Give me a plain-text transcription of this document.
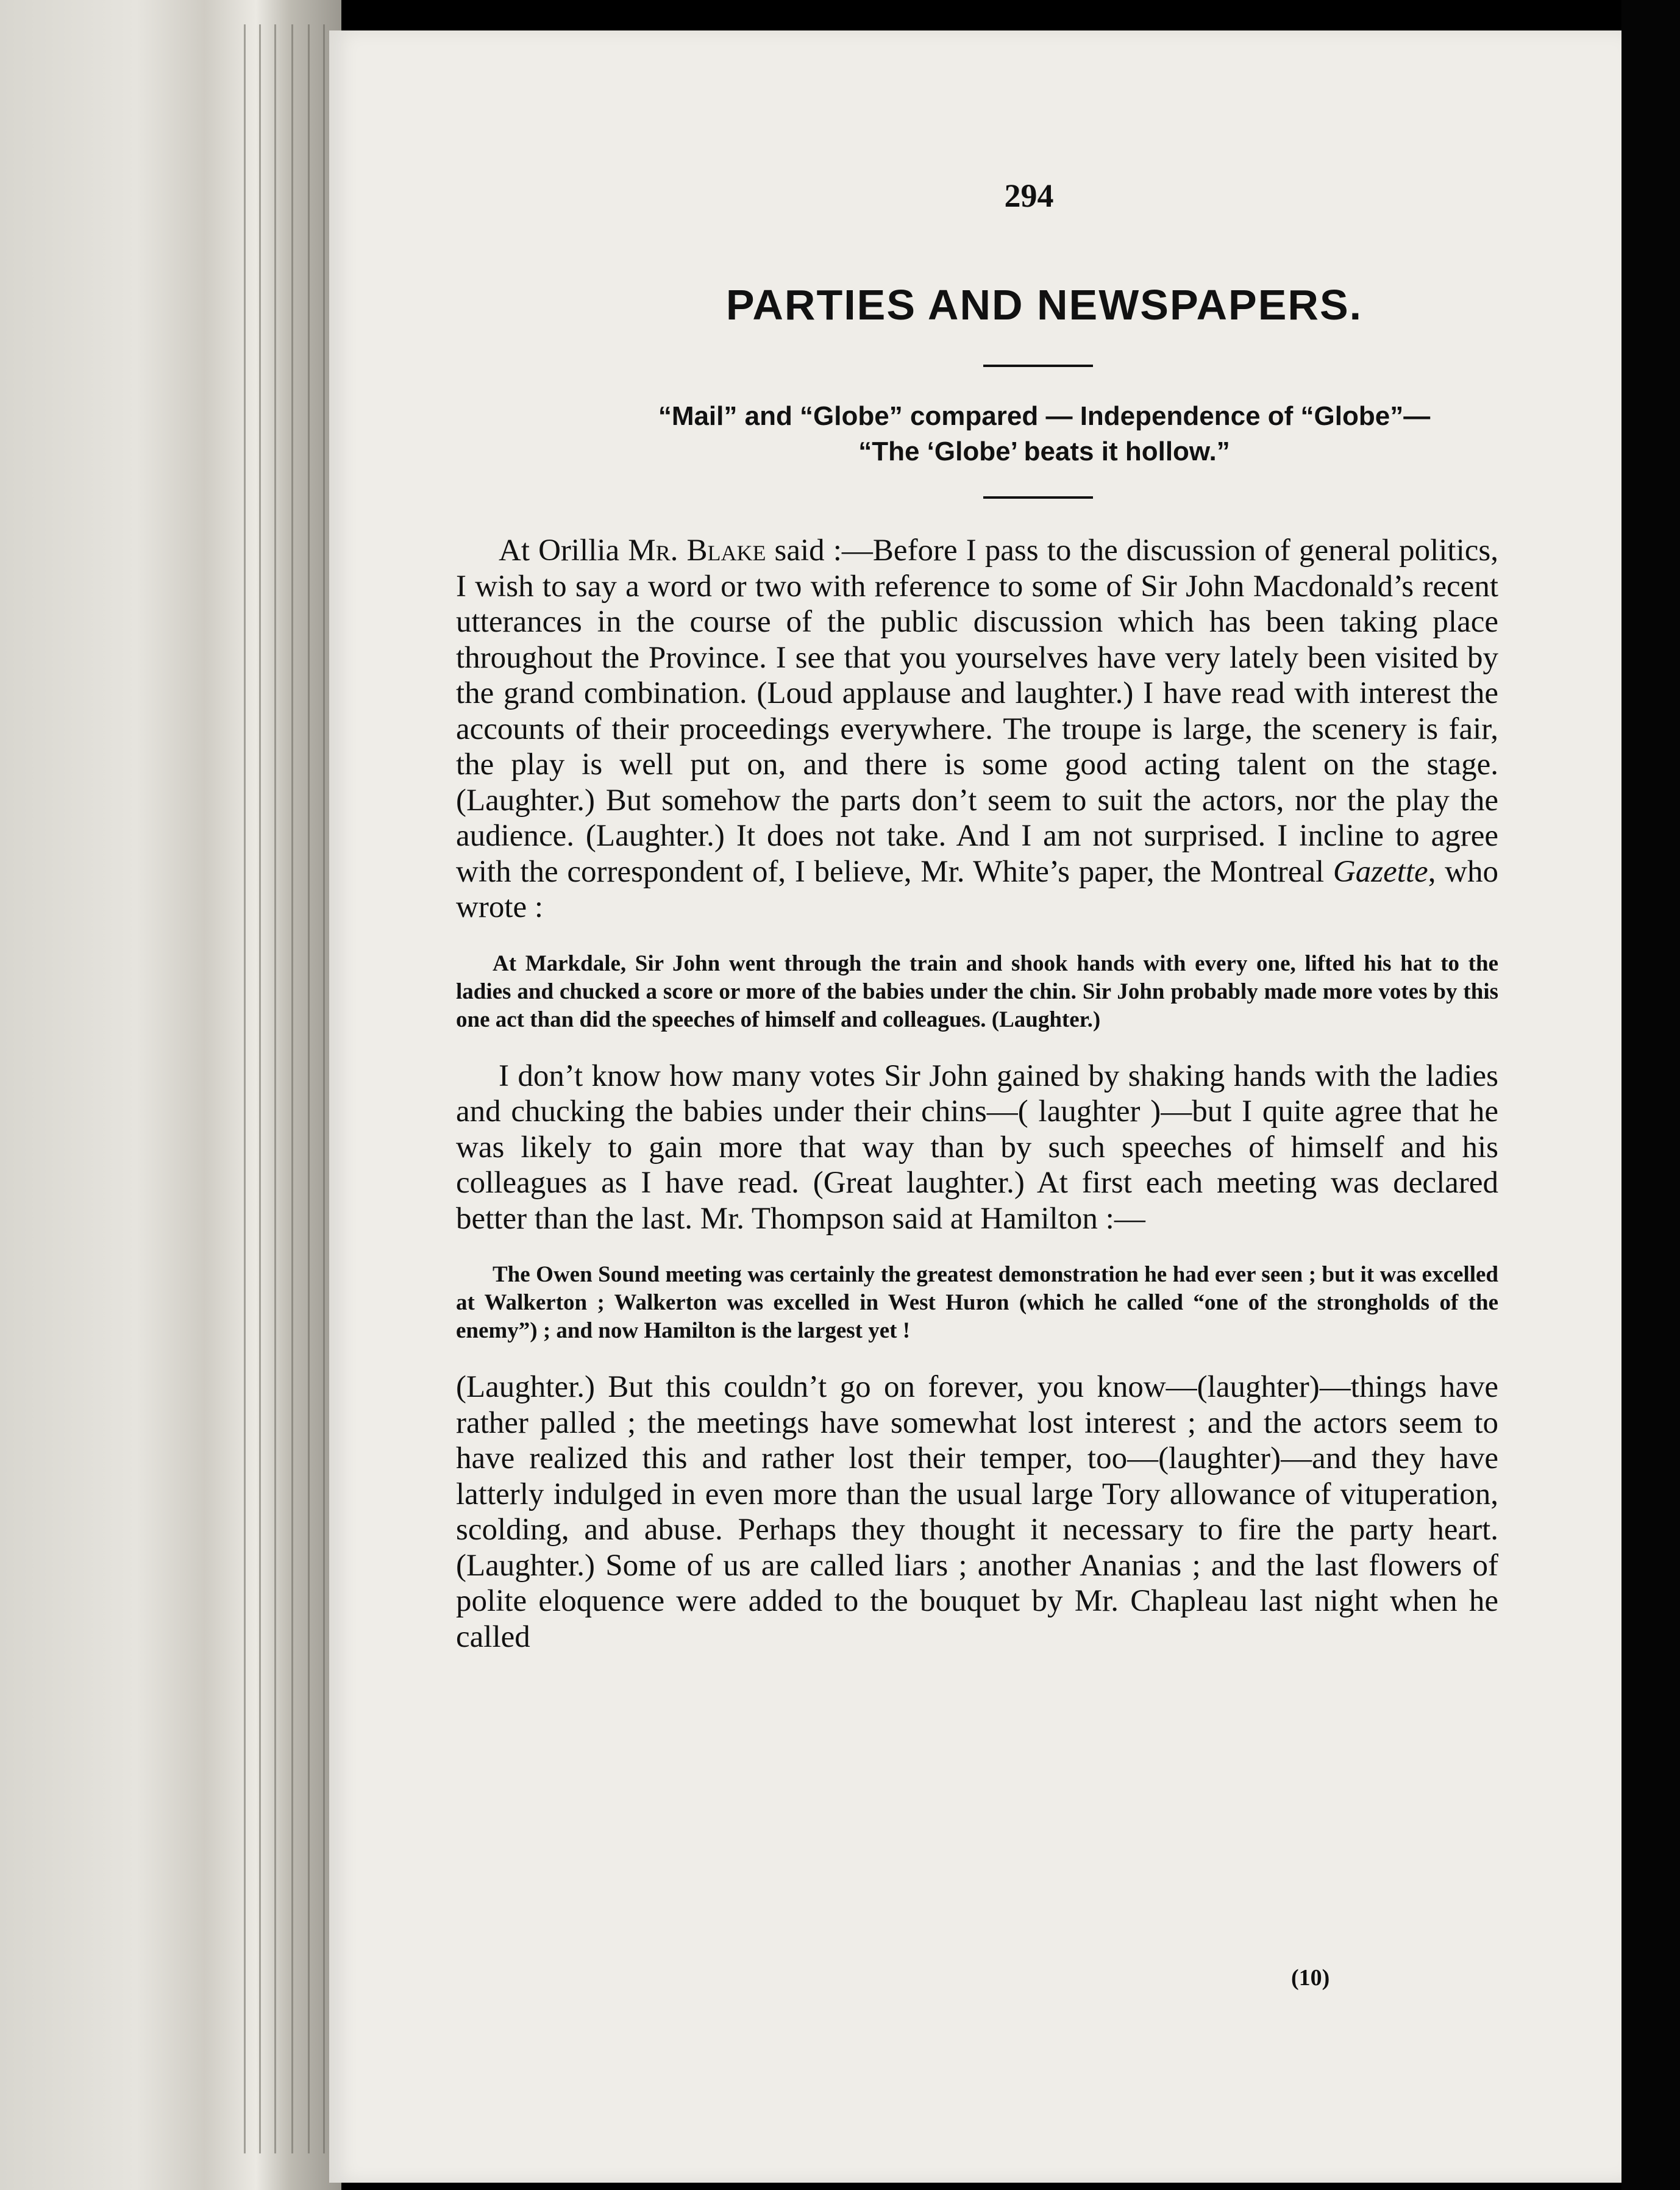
294
PARTIES AND NEWSPAPERS.
“Mail” and “Globe” compared — Independence of “Globe”—
“The ‘Globe’ beats it hollow.”

At Orillia Mr. Blake said :—Before I pass to the discussion of general politics, I wish to say a word or two with reference to some of Sir John Macdonald’s recent utterances in the course of the public discussion which has been taking place throughout the Province. I see that you yourselves have very lately been visited by the grand combination. (Loud applause and laughter.) I have read with interest the accounts of their proceedings everywhere. The troupe is large, the scenery is fair, the play is well put on, and there is some good acting talent on the stage. (Laughter.) But somehow the parts don’t seem to suit the actors, nor the play the audience. (Laughter.) It does not take. And I am not surprised. I incline to agree with the correspondent of, I believe, Mr. White’s paper, the Montreal Gazette, who wrote :

At Markdale, Sir John went through the train and shook hands with every one, lifted his hat to the ladies and chucked a score or more of the babies under the chin. Sir John probably made more votes by this one act than did the speeches of himself and colleagues. (Laughter.)

I don’t know how many votes Sir John gained by shaking hands with the ladies and chucking the babies under their chins—( laughter )—but I quite agree that he was likely to gain more that way than by such speeches of himself and his colleagues as I have read. (Great laughter.) At first each meeting was declared better than the last. Mr. Thompson said at Hamilton :—

The Owen Sound meeting was certainly the greatest demonstration he had ever seen ; but it was excelled at Walkerton ; Walkerton was excelled in West Huron (which he called “one of the strongholds of the enemy”) ; and now Hamilton is the largest yet !

(Laughter.) But this couldn’t go on forever, you know—(laughter)—things have rather palled ; the meetings have somewhat lost interest ; and the actors seem to have realized this and rather lost their temper, too—(laughter)—and they have latterly indulged in even more than the usual large Tory allowance of vituperation, scolding, and abuse. Perhaps they thought it necessary to fire the party heart. (Laughter.) Some of us are called liars ; another Ananias ; and the last flowers of polite eloquence were added to the bouquet by Mr. Chapleau last night when he called

(10)
